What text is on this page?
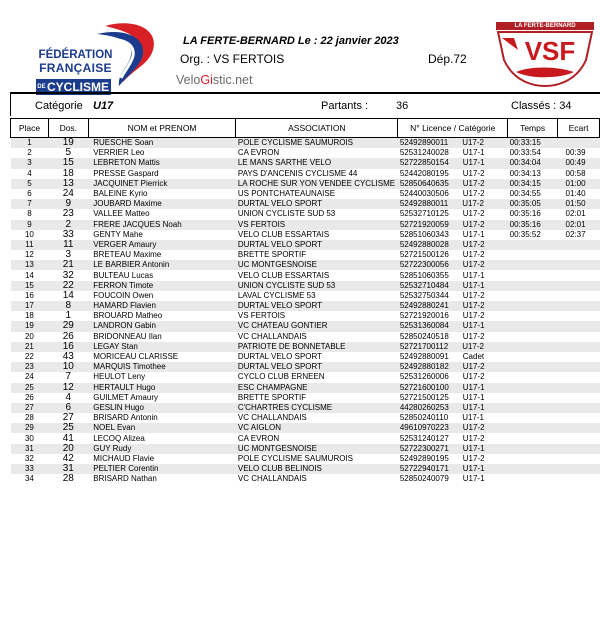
FÉDÉRATION
FRANÇAISE
DECYCLISME
LA FERTE-BERNARD Le : 22 janvier 2023
Org. : VS FERTOIS	Dép.72
VeloGistic.net
LA FERTE-BERNARD
VSF
Catégorie U17	Partants :	36	Classés : 34
Place	Dos.	NOM et PRENOM	ASSOCIATION	N° Licence / Catégorie	Temps	Ecart
1	19	RUESCHE Soan	POLE CYCLISME SAUMUROIS	52492890011 U17-2	00:33:15	
2	5	VERRIER Leo	CA EVRON	52531240028 U17-1	00:33:54	00:39
3	15	LEBRETON Mattis	LE MANS SARTHE VELO	52722850154 U17-1	00:34:04	00:49
4	18	PRESSE Gaspard	PAYS D'ANCENIS CYCLISME 44	52442080195 U17-2	00:34:13	00:58
5	13	JACQUINET Pierrick	LA ROCHE SUR YON VENDEE CYCLISME	52850640635 U17-2	00:34:15	01:00
6	24	BALEINE Kyrio	US PONTCHATEAUNAISE	52440030506 U17-2	00:34:55	01:40
7	9	JOUBARD Maxime	DURTAL VELO SPORT	52492880011 U17-2	00:35:05	01:50
8	23	VALLEE Matteo	UNION CYCLISTE SUD 53	52532710125 U17-2	00:35:16	02:01
9	2	FRERE JACQUES Noah	VS FERTOIS	52721920059 U17-2	00:35:16	02:01
10	33	GENTY Mahe	VELO CLUB ESSARTAIS	52851060343 U17-1	00:35:52	02:37
11	11	VERGER Amaury	DURTAL VELO SPORT	52492880028 U17-2		
12	3	BRETEAU Maxime	BRETTE SPORTIF	52721500126 U17-2		
13	21	LE BARBIER Antonin	UC MONTGESNOISE	52722300056 U17-2		
14	32	BULTEAU Lucas	VELO CLUB ESSARTAIS	52851060355 U17-1		
15	22	FERRON Timote	UNION CYCLISTE SUD 53	52532710484 U17-1		
16	14	FOUCOIN Owen	LAVAL CYCLISME 53	52532750344 U17-2		
17	8	HAMARD Flavien	DURTAL VELO SPORT	52492880241 U17-2		
18	1	BROUARD Matheo	VS FERTOIS	52721920016 U17-2		
19	29	LANDRON Gabin	VC CHATEAU GONTIER	52531360084 U17-1		
20	26	BRIDONNEAU Ilan	VC CHALLANDAIS	52850240518 U17-2		
21	16	LEGAY Stan	PATRIOTE DE BONNETABLE	52721700112 U17-2		
22	43	MORICEAU CLARISSE	DURTAL VELO SPORT	52492880091 Cadet		
23	10	MARQUIS Timothee	DURTAL VELO SPORT	52492880182 U17-2		
24	7	HEULOT Leny	CYCLO CLUB ERNEEN	52531260006 U17-2		
25	12	HERTAULT Hugo	ESC CHAMPAGNE	52721600100 U17-1		
26	4	GUILMET Amaury	BRETTE SPORTIF	52721500125 U17-1		
27	6	GESLIN Hugo	C'CHARTRES CYCLISME	44280260253 U17-1		
28	27	BRISARD Antonin	VC CHALLANDAIS	52850240110 U17-1		
29	25	NOEL Evan	VC AIGLON	49610970223 U17-2		
30	41	LECOQ Alizea	CA EVRON	52531240127 U17-2		
31	20	GUY Rudy	UC MONTGESNOISE	52722300271 U17-1		
32	42	MICHAUD Flavie	POLE CYCLISME SAUMUROIS	52492890195 U17-2		
33	31	PELTIER Corentin	VELO CLUB BELINOIS	52722940171 U17-1		
34	28	BRISARD Nathan	VC CHALLANDAIS	52850240079 U17-1		
